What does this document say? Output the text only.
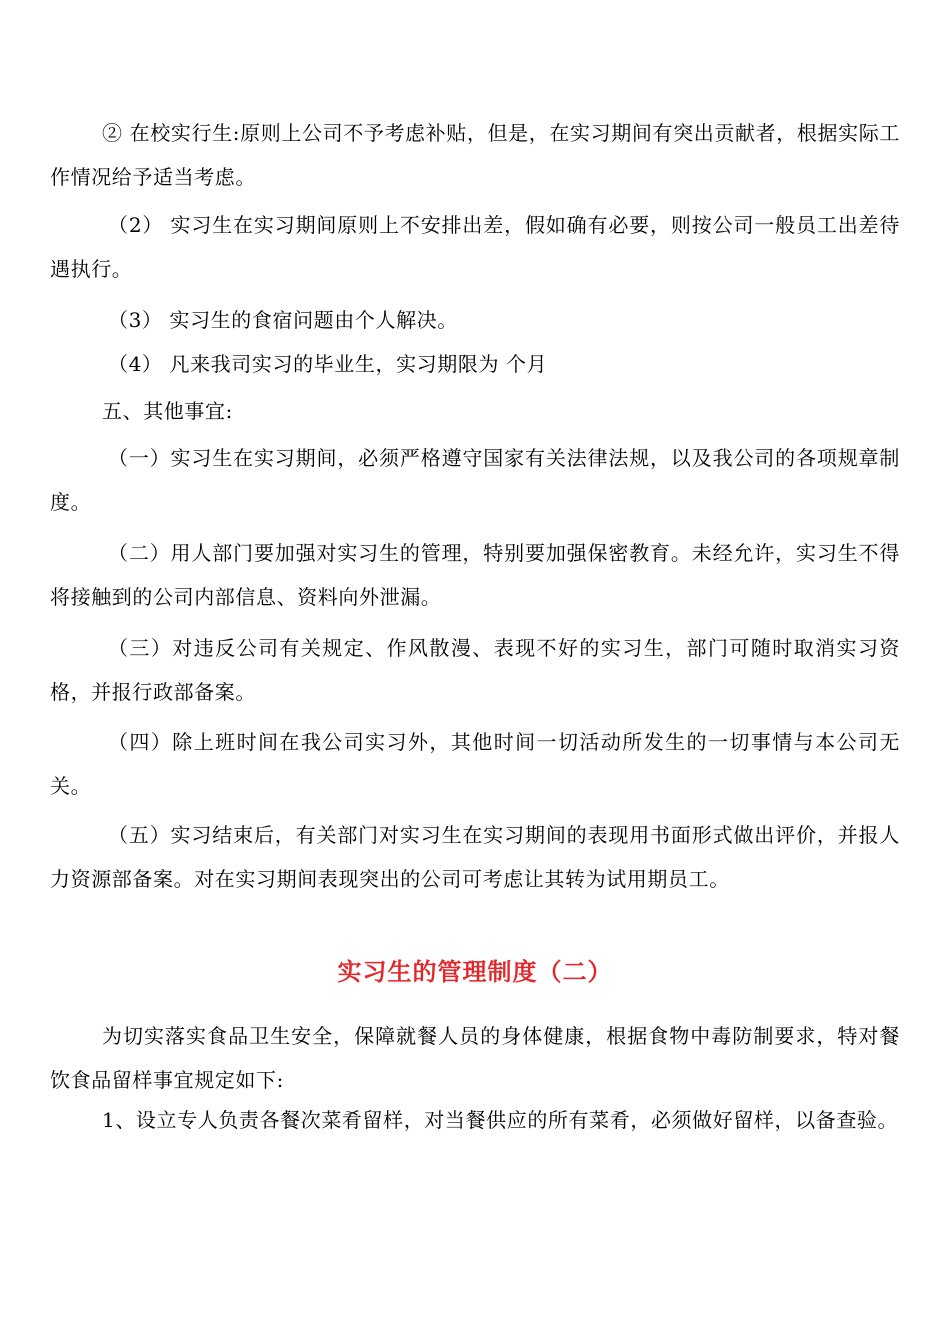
② 在校实行生:原则上公司不予考虑补贴，但是，在实习期间有突出贡献者，根据实际工作情况给予适当考虑。

（2） 实习生在实习期间原则上不安排出差，假如确有必要，则按公司一般员工出差待遇执行。

（3） 实习生的食宿问题由个人解决。

（4） 凡来我司实习的毕业生，实习期限为 个月

五、其他事宜:

（一）实习生在实习期间，必须严格遵守国家有关法律法规，以及我公司的各项规章制度。

（二）用人部门要加强对实习生的管理，特别要加强保密教育。未经允许，实习生不得将接触到的公司内部信息、资料向外泄漏。

（三）对违反公司有关规定、作风散漫、表现不好的实习生，部门可随时取消实习资格，并报行政部备案。

（四）除上班时间在我公司实习外，其他时间一切活动所发生的一切事情与本公司无关。

（五）实习结束后，有关部门对实习生在实习期间的表现用书面形式做出评价，并报人力资源部备案。对在实习期间表现突出的公司可考虑让其转为试用期员工。

实习生的管理制度（二）

为切实落实食品卫生安全，保障就餐人员的身体健康，根据食物中毒防制要求，特对餐饮食品留样事宜规定如下:

1、设立专人负责各餐次菜肴留样，对当餐供应的所有菜肴，必须做好留样，以备查验。
